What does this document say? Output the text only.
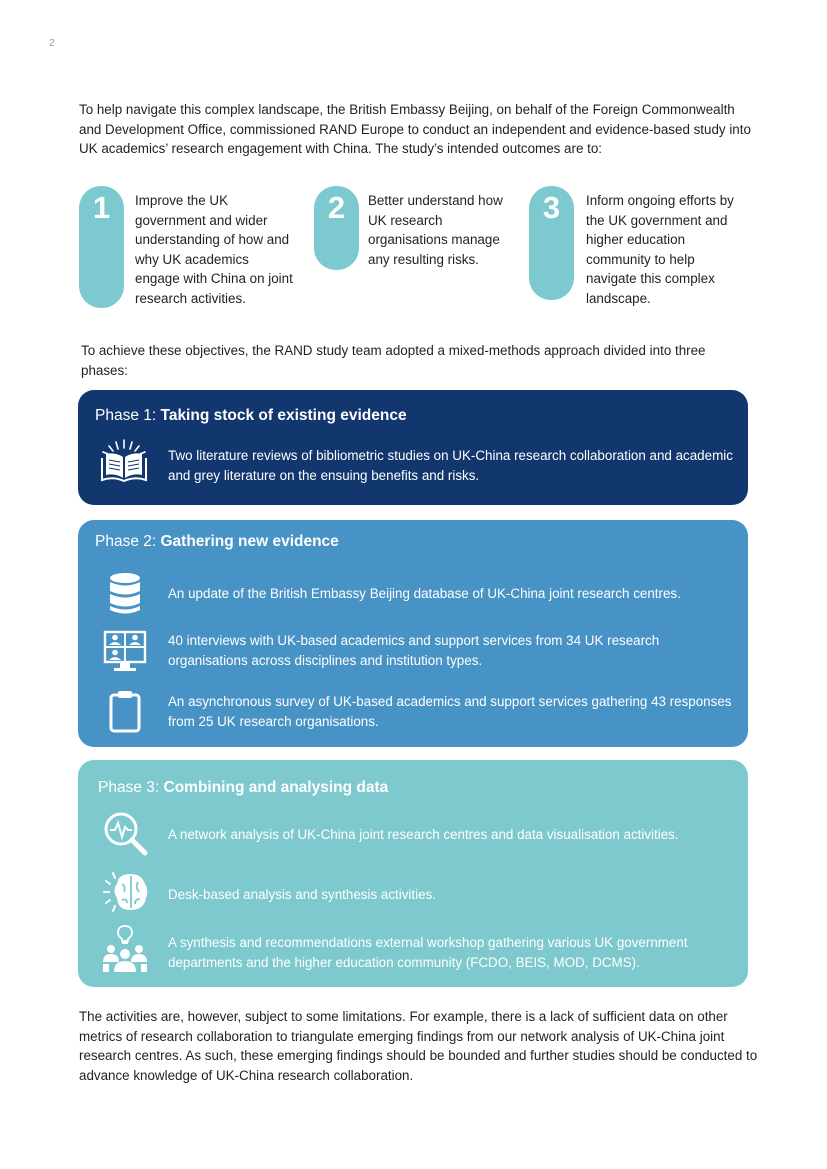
2

To help navigate this complex landscape, the British Embassy Beijing, on behalf of the Foreign Commonwealth and Development Office, commissioned RAND Europe to conduct an independent and evidence-based study into UK academics’ research engagement with China. The study’s intended outcomes are to:

1	Improve the UK government and wider understanding of how and why UK academics engage with China on joint research activities.
2	Better understand how UK research organisations manage any resulting risks.
3	Inform ongoing efforts by the UK government and higher education community to help navigate this complex landscape.

To achieve these objectives, the RAND study team adopted a mixed-methods approach divided into three phases:

Phase 1: Taking stock of existing evidence
Two literature reviews of bibliometric studies on UK-China research collaboration and academic and grey literature on the ensuing benefits and risks.
Phase 2: Gathering new evidence
An update of the British Embassy Beijing database of UK-China joint research centres.
40 interviews with UK-based academics and support services from 34 UK research organisations across disciplines and institution types.
An asynchronous survey of UK-based academics and support services gathering 43 responses from 25 UK research organisations.
Phase 3: Combining and analysing data
A network analysis of UK-China joint research centres and data visualisation activities.
Desk-based analysis and synthesis activities.
A synthesis and recommendations external workshop gathering various UK government departments and the higher education community (FCDO, BEIS, MOD, DCMS).

The activities are, however, subject to some limitations. For example, there is a lack of sufficient data on other metrics of research collaboration to triangulate emerging findings from our network analysis of UK-China joint research centres. As such, these emerging findings should be bounded and further studies should be conducted to advance knowledge of UK-China research collaboration.
